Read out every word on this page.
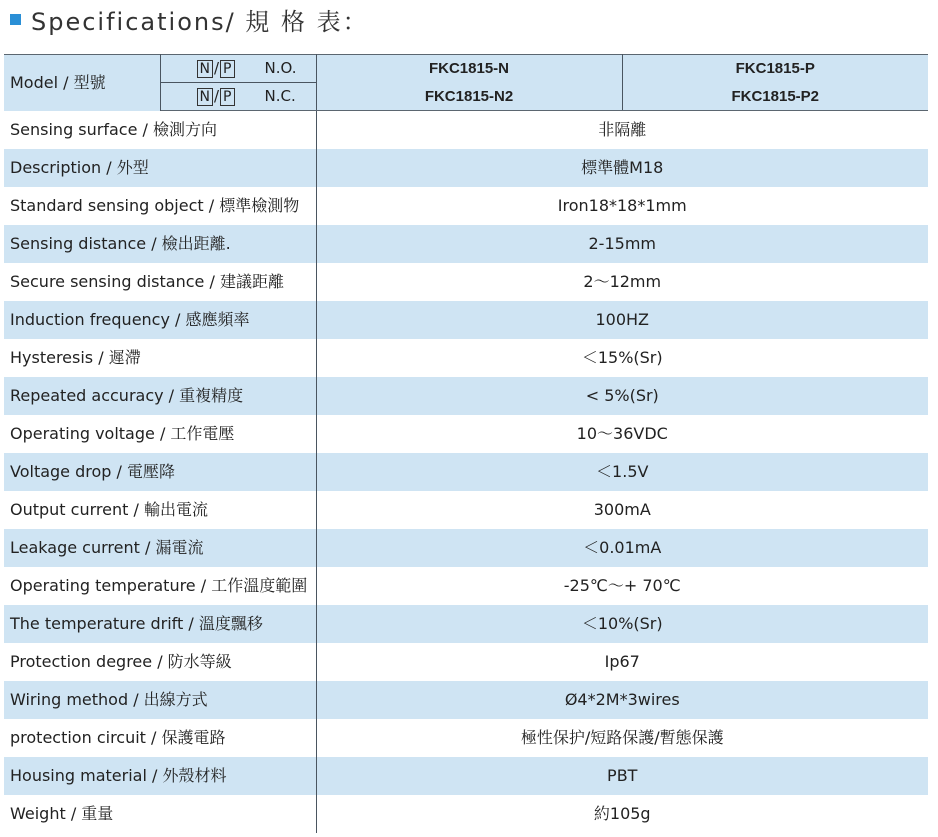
Specifications/ 規 格 表：
Model / 型號	N / P N.O.	FKC1815-N	FKC1815-P

	N / P N.C.	FKC1815-N2	FKC1815-P2
Sensing surface / 檢測方向		非隔離	
Description / 外型		標準體M18	
Standard sensing object / 標準檢測物		Iron18*18*1mm	
Sensing distance / 檢出距離.		2-15mm	
Secure sensing distance / 建議距離		2～12mm	
Induction frequency / 感應頻率		100HZ	
Hysteresis / 遲滯		＜15%(Sr)	
Repeated accuracy / 重複精度		< 5%(Sr)	
Operating voltage / 工作電壓		10～36VDC	
Voltage drop / 電壓降		＜1.5V	
Output current / 輸出電流		300mA	
Leakage current / 漏電流		＜0.01mA	
Operating temperature / 工作溫度範圍		-25℃～+ 70℃	
The temperature drift / 溫度飄移		＜10%(Sr)	
Protection degree / 防水等級		Ip67	
Wiring method / 出線方式		Ø4*2M*3wires	
protection circuit / 保護電路		極性保护/短路保護/暫態保護	
Housing material / 外殼材料		PBT	
Weight / 重量		約105g	
